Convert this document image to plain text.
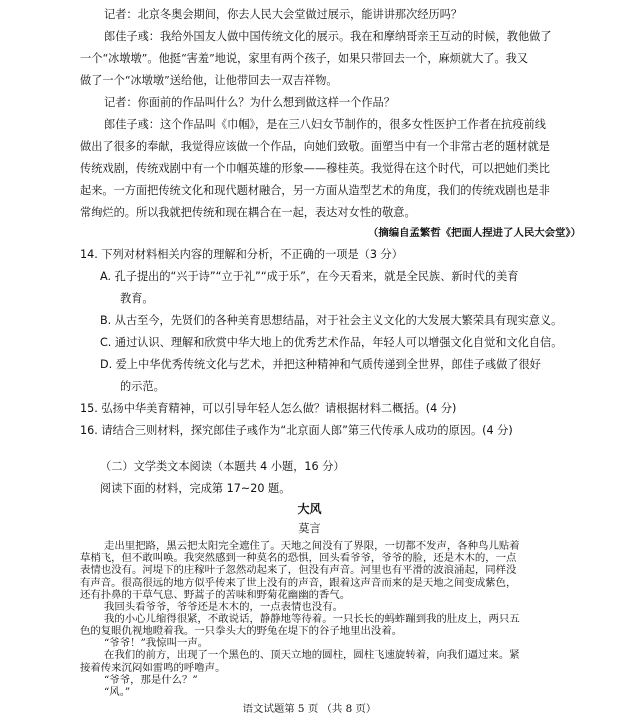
记者：北京冬奥会期间，你去人民大会堂做过展示，能讲讲那次经历吗？

郎佳子彧：我给外国友人做中国传统文化的展示。我在和摩纳哥亲王互动的时候，教他做了

一个“冰墩墩”。他挺“害羞”地说，家里有两个孩子，如果只带回去一个，麻烦就大了。我又

做了一个“冰墩墩”送给他，让他带回去一双吉祥物。

记者：你面前的作品叫什么？为什么想到做这样一个作品？

郎佳子彧：这个作品叫《巾帼》，是在三八妇女节制作的，很多女性医护工作者在抗疫前线

做出了很多的奉献，我觉得应该做一个作品，向她们致敬。面塑当中有一个非常古老的题材就是

传统戏剧，传统戏剧中有一个巾帼英雄的形象——穆桂英。我觉得在这个时代，可以把她们类比

起来。一方面把传统文化和现代题材融合，另一方面从造型艺术的角度，我们的传统戏剧也是非

常绚烂的。所以我就把传统和现在耦合在一起，表达对女性的敬意。

（摘编自孟繁哲《把面人捏进了人民大会堂》）

14. 下列对材料相关内容的理解和分析，不正确的一项是（3 分）

A. 孔子提出的“兴于诗”“立于礼”“成于乐”，在今天看来，就是全民族、新时代的美育

教育。

B. 从古至今，先贤们的各种美育思想结晶，对于社会主义文化的大发展大繁荣具有现实意义。

C. 通过认识、理解和欣赏中华大地上的优秀艺术作品，年轻人可以增强文化自觉和文化自信。

D. 爱上中华优秀传统文化与艺术，并把这种精神和气质传递到全世界，郎佳子彧做了很好

的示范。

15. 弘扬中华美育精神，可以引导年轻人怎么做？请根据材料二概括。(4 分)

16. 请结合三则材料，探究郎佳子彧作为“北京面人郎”第三代传承人成功的原因。(4 分)

（二）文学类文本阅读（本题共 4 小题，16 分）

阅读下面的材料，完成第 17~20 题。

大风

莫言

语文试题第 5 页 （共 8 页）

走出里把路，黑云把太阳完全遮住了。天地之间没有了界限，一切都不发声，各种鸟儿贴着

草梢飞，但不敢叫唤。我突然感到一种莫名的恐惧，回头看爷爷，爷爷的脸，还是木木的，一点

表情也没有。河堤下的庄稼叶子忽然动起来了，但没有声音。河里也有平滑的波浪涌起，同样没

有声音。很高很远的地方似乎传来了世上没有的声音，跟着这声音而来的是天地之间变成紫色，

还有扑鼻的干草气息、野蒿子的苦味和野菊花幽幽的香气。

我回头看爷爷，爷爷还是木木的，一点表情也没有。

我的小心儿缩得很紧，不敢说话，静静地等待着。一只长长的蚂蚱蹦到我的肚皮上，两只五

色的复眼仇视地瞪着我。一只拳头大的野兔在堤下的谷子地里出没着。

“爷爷！”我惊叫一声。

在我们的前方，出现了一个黑色的、顶天立地的圆柱，圆柱飞速旋转着，向我们逼过来。紧

接着传来沉闷如雷鸣的呼噜声。

“爷爷，那是什么？”

“风。”
